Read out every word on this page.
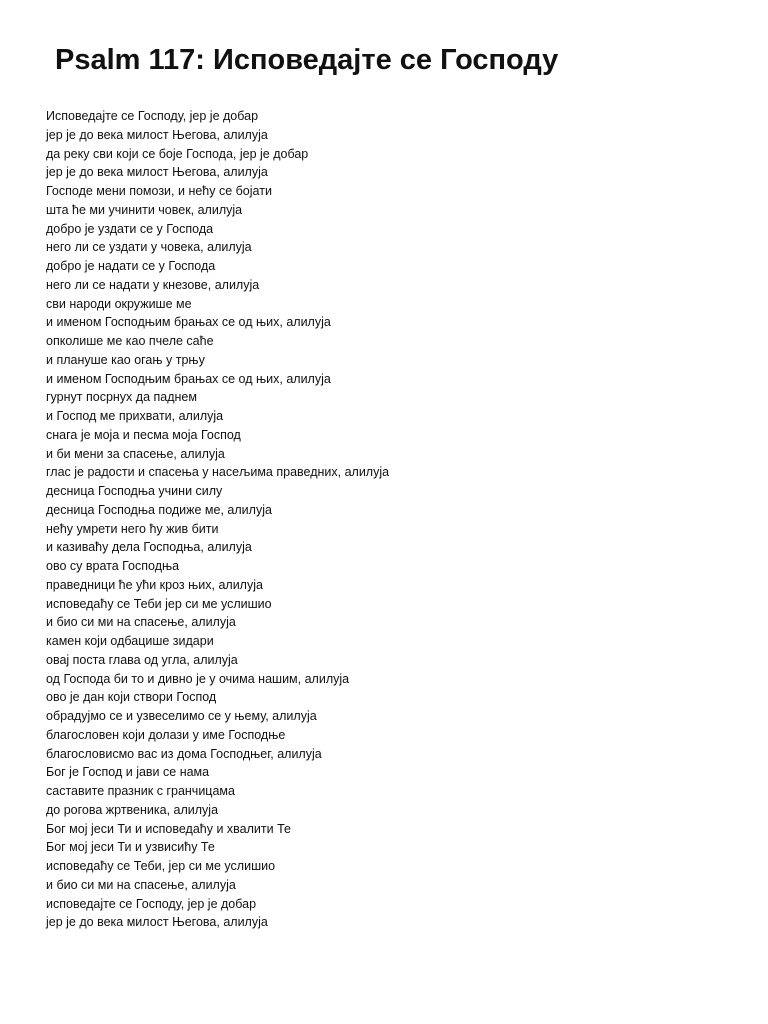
Psalm 117: Исповедајте се Господу
Исповедајте се Господу, јер је добар
јер је до века милост Његова, алилуја
да реку сви који се боје Господа, јер је добар
јер је до века милост Његова, алилуја
Господе мени помози, и нећу се бојати
шта ће ми учинити човек, алилуја
добро је уздати се у Господа
него ли се уздати у човека, алилуја
добро је надати се у Господа
него ли се надати у кнезове, алилуја
сви народи окружише ме
и именом Господњим брањах се од њих, алилуја
опколише ме као пчеле саће
и плануше као огањ у трњу
и именом Господњим брањах се од њих, алилуја
гурнут посрнух да паднем
и Господ ме прихвати, алилуја
снага је моја и песма моја Господ
и би мени за спасење, алилуја
глас је радости и спасења у насељима праведних, алилуја
десница Господња учини силу
десница Господња подиже ме, алилуја
нећу умрети него ћу жив бити
и казиваћу дела Господња, алилуја
ово су врата Господња
праведници ће ући кроз њих, алилуја
исповедаћу се Теби јер си ме услишио
и био си ми на спасење, алилуја
камен који одбацише зидари
овај поста глава од угла, алилуја
од Господа би то и дивно је у очима нашим, алилуја
ово је дан који створи Господ
обрадујмо се и узвеселимо се у њему, алилуја
благословен који долази у име Господње
благословисмо вас из дома Господњег, алилуја
Бог је Господ и јави се нама
саставите празник с гранчицама
до рогова жртвеника, алилуја
Бог мој јеси Ти и исповедаћу и хвалити Те
Бог мој јеси Ти и узвисићу Те
исповедаћу се Теби, јер си ме услишио
и био си ми на спасење, алилуја
исповедајте се Господу, јер је добар
јер је до века милост Његова, алилуја
